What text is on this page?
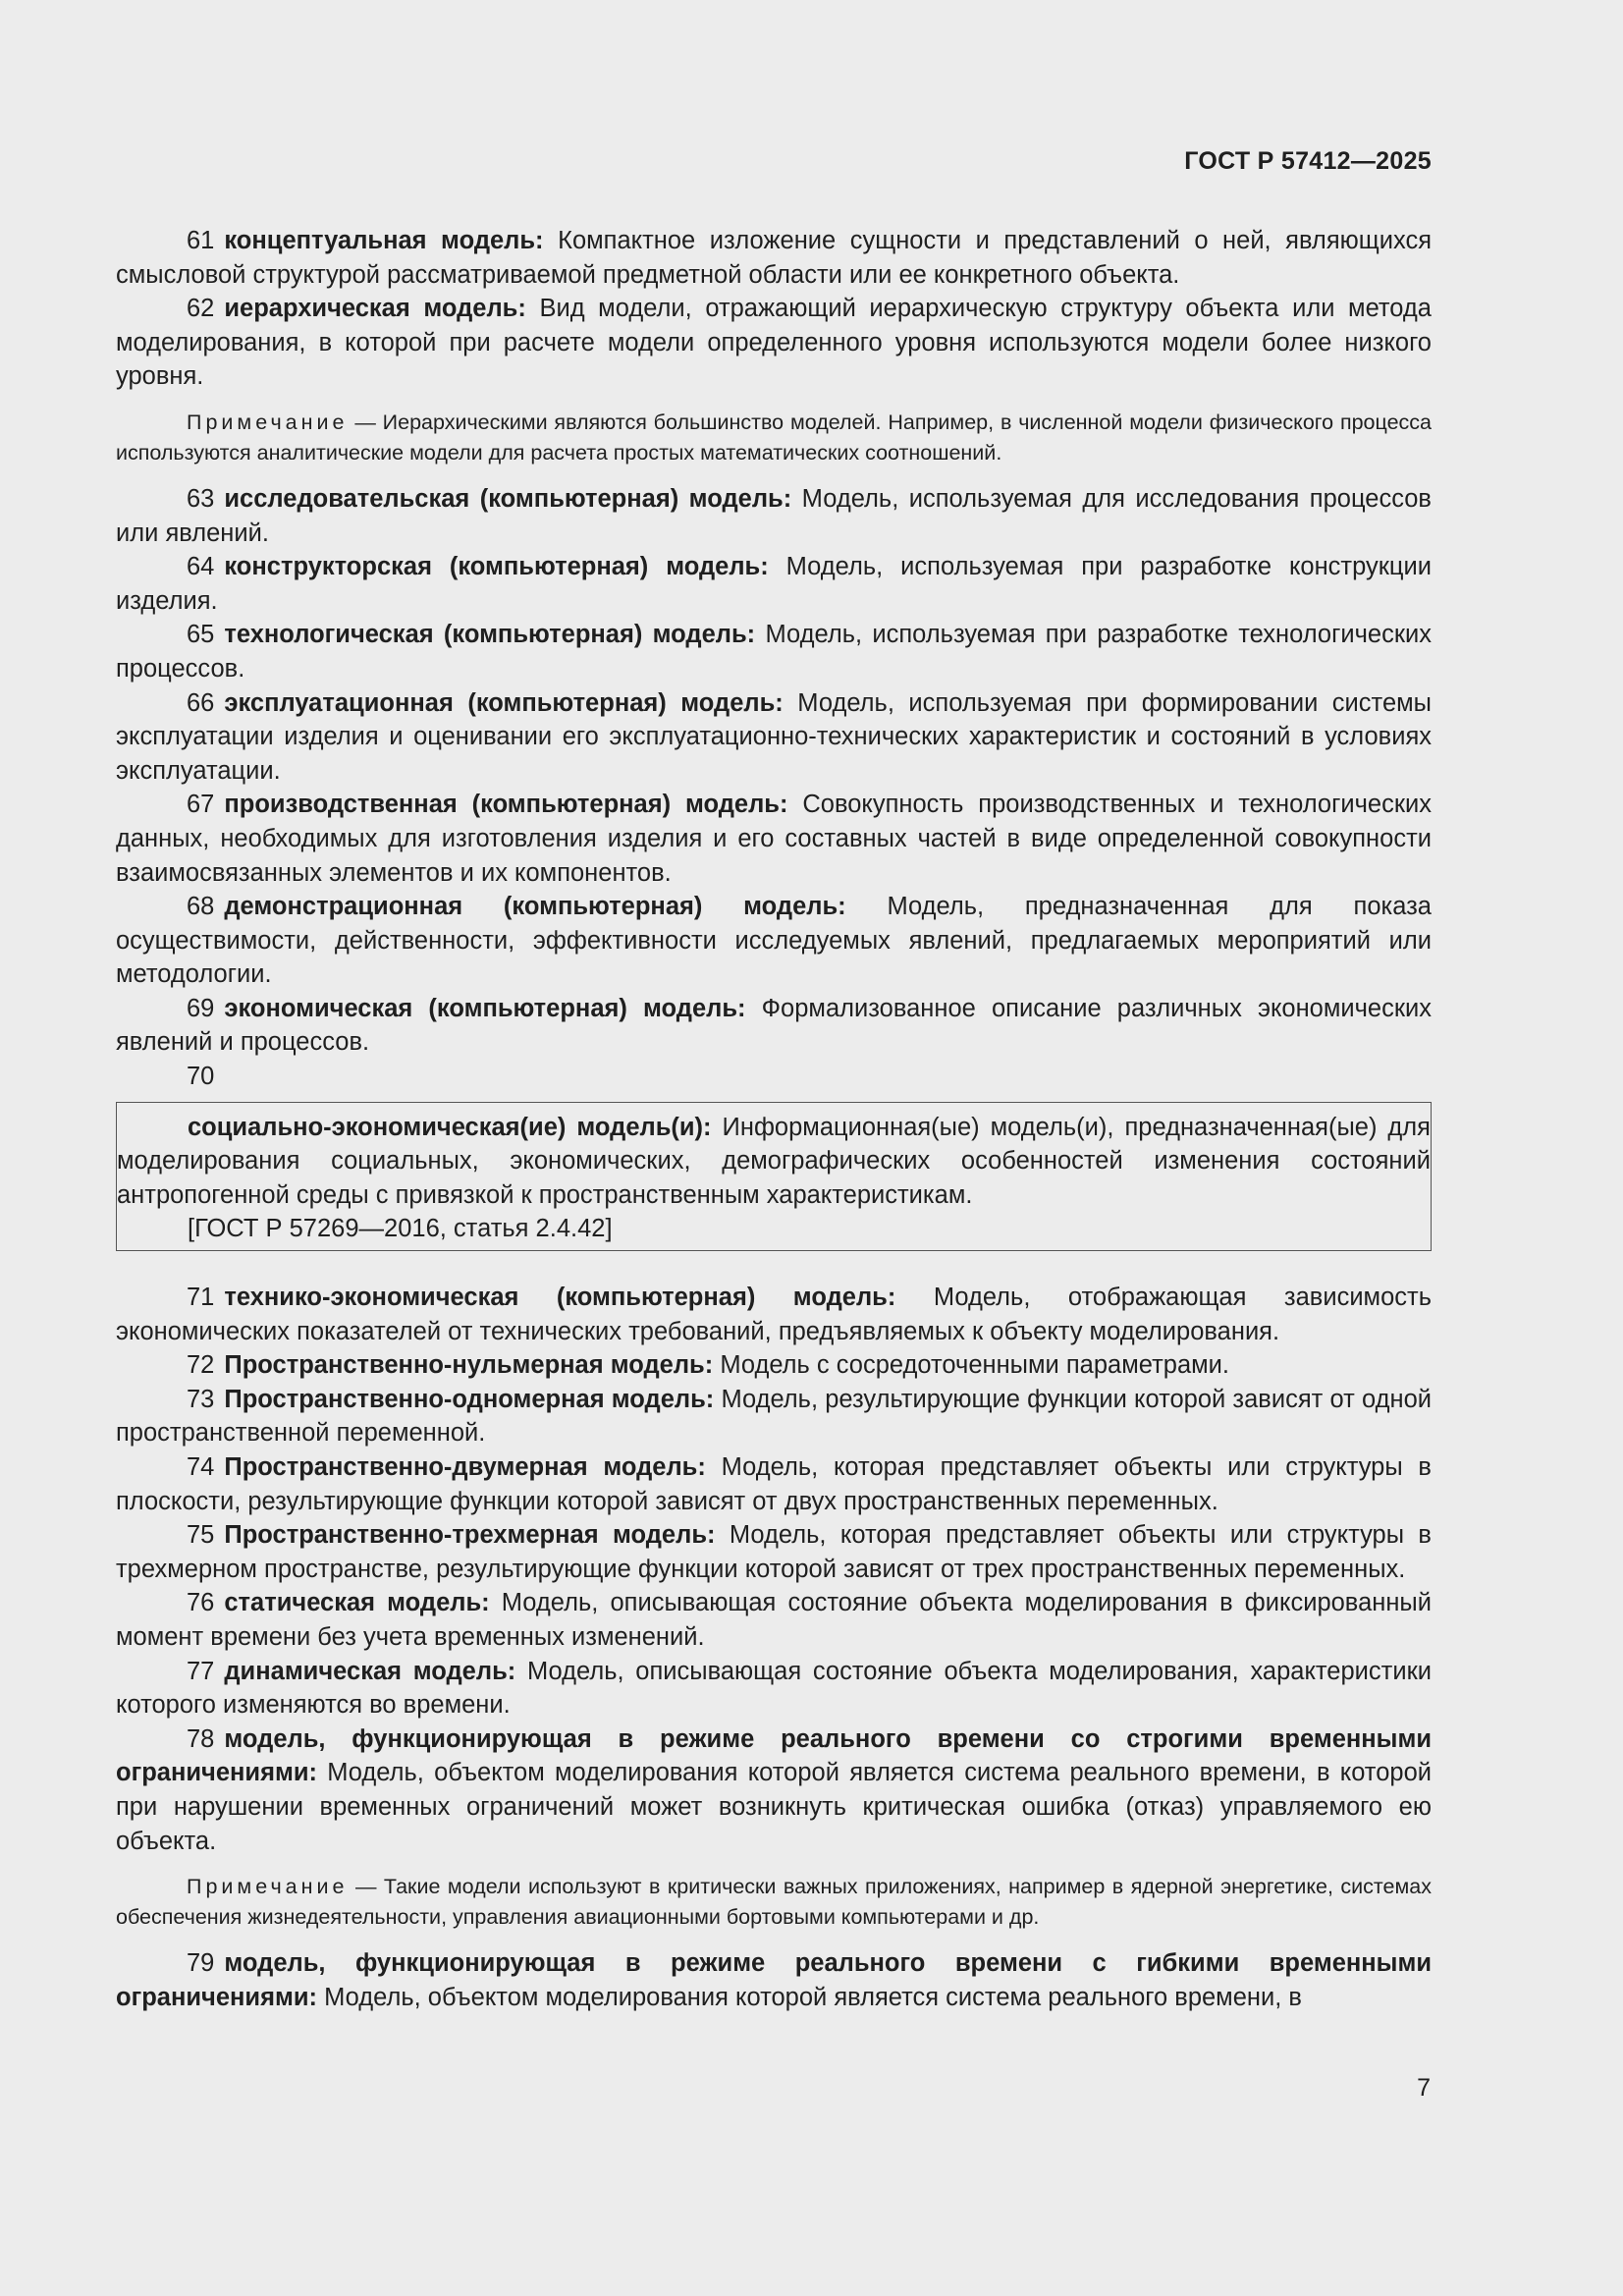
ГОСТ Р 57412—2025

61 концептуальная модель: Компактное изложение сущности и представлений о ней, являющихся смысловой структурой рассматриваемой предметной области или ее конкретного объекта.

62 иерархическая модель: Вид модели, отражающий иерархическую структуру объекта или метода моделирования, в которой при расчете модели определенного уровня используются модели более низкого уровня.

Примечание — Иерархическими являются большинство моделей. Например, в численной модели физического процесса используются аналитические модели для расчета простых математических соотношений.

63 исследовательская (компьютерная) модель: Модель, используемая для исследования процессов или явлений.

64 конструкторская (компьютерная) модель: Модель, используемая при разработке конструкции изделия.

65 технологическая (компьютерная) модель: Модель, используемая при разработке технологических процессов.

66 эксплуатационная (компьютерная) модель: Модель, используемая при формировании системы эксплуатации изделия и оценивании его эксплуатационно-технических характеристик и состояний в условиях эксплуатации.

67 производственная (компьютерная) модель: Совокупность производственных и технологических данных, необходимых для изготовления изделия и его составных частей в виде определенной совокупности взаимосвязанных элементов и их компонентов.

68 демонстрационная (компьютерная) модель: Модель, предназначенная для показа осуществимости, действенности, эффективности исследуемых явлений, предлагаемых мероприятий или методологии.

69 экономическая (компьютерная) модель: Формализованное описание различных экономических явлений и процессов.

70

социально-экономическая(ие) модель(и): Информационная(ые) модель(и), предназначенная(ые) для моделирования социальных, экономических, демографических особенностей изменения состояний антропогенной среды с привязкой к пространственным характеристикам.

[ГОСТ Р 57269—2016, статья 2.4.42]

71 технико-экономическая (компьютерная) модель: Модель, отображающая зависимость экономических показателей от технических требований, предъявляемых к объекту моделирования.

72 Пространственно-нульмерная модель: Модель с сосредоточенными параметрами.

73 Пространственно-одномерная модель: Модель, результирующие функции которой зависят от одной пространственной переменной.

74 Пространственно-двумерная модель: Модель, которая представляет объекты или структуры в плоскости, результирующие функции которой зависят от двух пространственных переменных.

75 Пространственно-трехмерная модель: Модель, которая представляет объекты или структуры в трехмерном пространстве, результирующие функции которой зависят от трех пространственных переменных.

76 статическая модель: Модель, описывающая состояние объекта моделирования в фиксированный момент времени без учета временных изменений.

77 динамическая модель: Модель, описывающая состояние объекта моделирования, характеристики которого изменяются во времени.

78 модель, функционирующая в режиме реального времени со строгими временными ограничениями: Модель, объектом моделирования которой является система реального времени, в которой при нарушении временных ограничений может возникнуть критическая ошибка (отказ) управляемого ею объекта.

Примечание — Такие модели используют в критически важных приложениях, например в ядерной энергетике, системах обеспечения жизнедеятельности, управления авиационными бортовыми компьютерами и др.

79 модель, функционирующая в режиме реального времени с гибкими временными ограничениями: Модель, объектом моделирования которой является система реального времени, в

7
